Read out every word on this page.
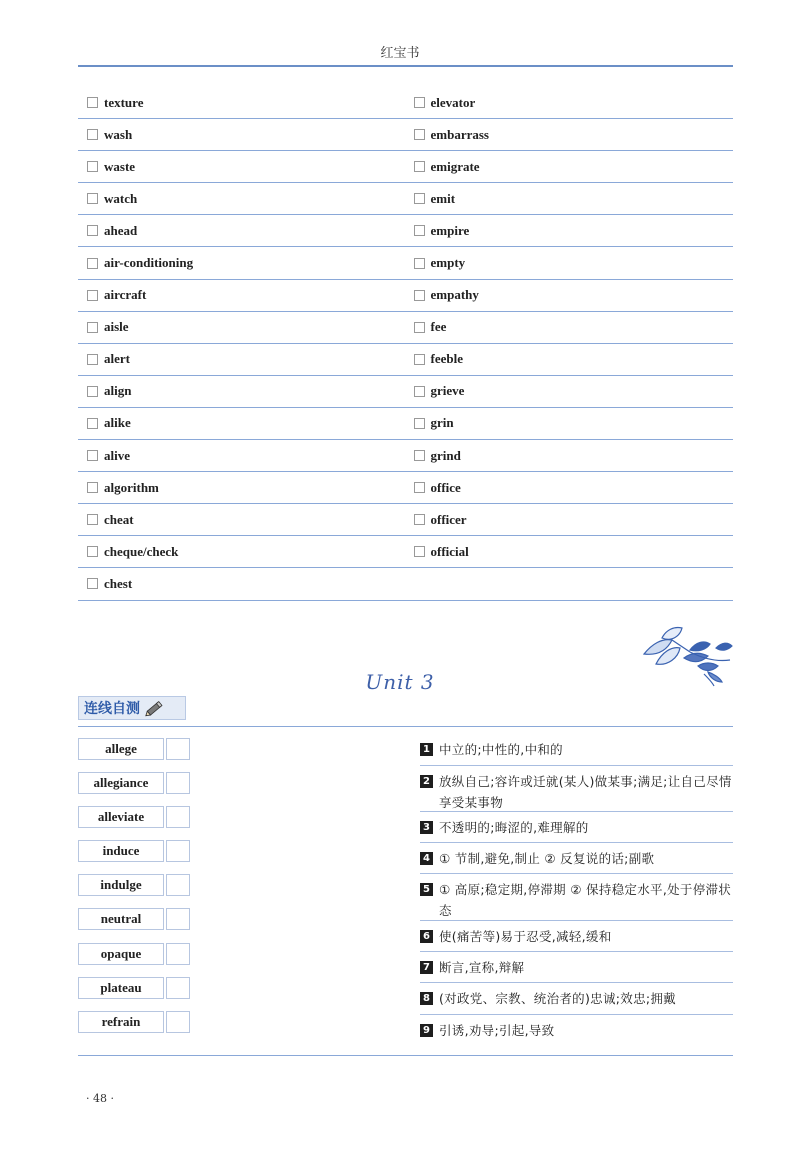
红宝书
texture	elevator
wash	embarrass
waste	emigrate
watch	emit
ahead	empire
air-conditioning	empty
aircraft	empathy
aisle	fee
alert	feeble
align	grieve
alike	grin
alive	grind
algorithm	office
cheat	officer
cheque/check	official
chest
Unit 3
连线自测
allege
allegiance
alleviate
induce
indulge
neutral
opaque
plateau
refrain
1 中立的;中性的,中和的
2 放纵自己;容许或迁就(某人)做某事;满足;让自己尽情享受某事物
3 不透明的;晦涩的,难理解的
4 ① 节制,避免,制止 ② 反复说的话;副歌
5 ① 高原;稳定期,停滞期 ② 保持稳定水平,处于停滞状态
6 使(痛苦等)易于忍受,减轻,缓和
7 断言,宣称,辩解
8 (对政党、宗教、统治者的)忠诚;效忠;拥戴
9 引诱,劝导;引起,导致
· 48 ·
